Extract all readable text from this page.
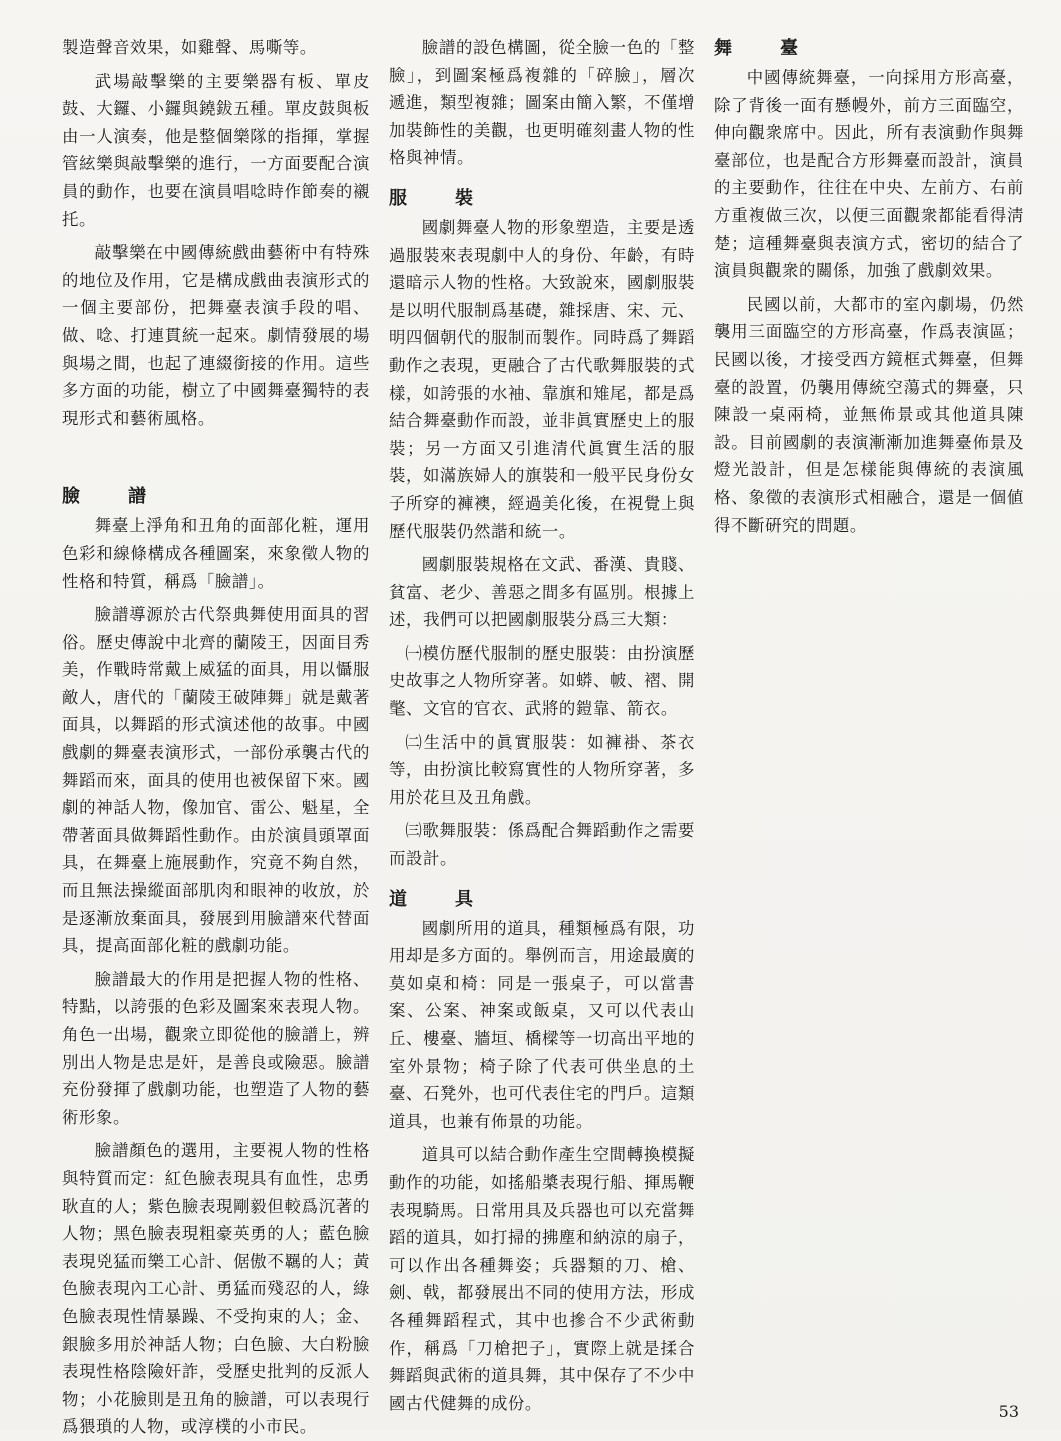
製造聲音效果，如雞聲、馬嘶等。

武場敲擊樂的主要樂器有板、單皮鼓、大鑼、小鑼與鐃鈸五種。單皮鼓與板由一人演奏，他是整個樂隊的指揮，掌握管絃樂與敲擊樂的進行，一方面要配合演員的動作，也要在演員唱唸時作節奏的襯托。

敲擊樂在中國傳統戲曲藝術中有特殊的地位及作用，它是構成戲曲表演形式的一個主要部份，把舞臺表演手段的唱、做、唸、打連貫統一起來。劇情發展的場與場之間，也起了連綴銜接的作用。這些多方面的功能，樹立了中國舞臺獨特的表現形式和藝術風格。

臉	譜

舞臺上淨角和丑角的面部化粧，運用色彩和線條構成各種圖案，來象徵人物的性格和特質，稱爲「臉譜」。

臉譜導源於古代祭典舞使用面具的習俗。歷史傳說中北齊的蘭陵王，因面目秀美，作戰時常戴上威猛的面具，用以懾服敵人，唐代的「蘭陵王破陣舞」就是戴著面具，以舞蹈的形式演述他的故事。中國戲劇的舞臺表演形式，一部份承襲古代的舞蹈而來，面具的使用也被保留下來。國劇的神話人物，像加官、雷公、魁星，全帶著面具做舞蹈性動作。由於演員頭罩面具，在舞臺上施展動作，究竟不夠自然，而且無法操縱面部肌肉和眼神的收放，於是逐漸放棄面具，發展到用臉譜來代替面具，提高面部化粧的戲劇功能。

臉譜最大的作用是把握人物的性格、特點，以誇張的色彩及圖案來表現人物。角色一出場，觀衆立即從他的臉譜上，辨別出人物是忠是奸，是善良或險惡。臉譜充份發揮了戲劇功能，也塑造了人物的藝術形象。

臉譜顏色的選用，主要視人物的性格與特質而定：紅色臉表現具有血性，忠勇耿直的人；紫色臉表現剛毅但較爲沉著的人物；黑色臉表現粗豪英勇的人；藍色臉表現兇猛而樂工心計、倨傲不羈的人；黃色臉表現內工心計、勇猛而殘忍的人，綠色臉表現性情暴躁、不受拘束的人；金、銀臉多用於神話人物；白色臉、大白粉臉表現性格陰險奸詐，受歷史批判的反派人物；小花臉則是丑角的臉譜，可以表現行爲猥瑣的人物，或淳樸的小市民。

臉譜的設色構圖，從全臉一色的「整臉」，到圖案極爲複雜的「碎臉」，層次遞進，類型複雜；圖案由簡入繁，不僅增加裝飾性的美觀，也更明確刻畫人物的性格與神情。

服	裝

國劇舞臺人物的形象塑造，主要是透過服裝來表現劇中人的身份、年齡，有時還暗示人物的性格。大致說來，國劇服裝是以明代服制爲基礎，雜採唐、宋、元、明四個朝代的服制而製作。同時爲了舞蹈動作之表現，更融合了古代歌舞服裝的式樣，如誇張的水袖、靠旗和雉尾，都是爲結合舞臺動作而設，並非眞實歷史上的服裝；另一方面又引進清代眞實生活的服裝，如滿族婦人的旗裝和一般平民身份女子所穿的褲襖，經過美化後，在視覺上與歷代服裝仍然諧和統一。

國劇服裝規格在文武、番漢、貴賤、貧富、老少、善惡之間多有區別。根據上述，我們可以把國劇服裝分爲三大類：

㈠模仿歷代服制的歷史服裝：由扮演歷史故事之人物所穿著。如蟒、帔、褶、開氅、文官的官衣、武將的鎧靠、箭衣。

㈡生活中的眞實服裝：如褲褂、茶衣等，由扮演比較寫實性的人物所穿著，多用於花旦及丑角戲。

㈢歌舞服裝：係爲配合舞蹈動作之需要而設計。

道	具

國劇所用的道具，種類極爲有限，功用却是多方面的。舉例而言，用途最廣的莫如桌和椅：同是一張桌子，可以當書案、公案、神案或飯桌，又可以代表山丘、樓臺、牆垣、橋樑等一切高出平地的室外景物；椅子除了代表可供坐息的土臺、石凳外，也可代表住宅的門戶。這類道具，也兼有佈景的功能。

道具可以結合動作產生空間轉換模擬動作的功能，如搖船槳表現行船、揮馬鞭表現騎馬。日常用具及兵器也可以充當舞蹈的道具，如打掃的拂塵和納涼的扇子，可以作出各種舞姿；兵器類的刀、槍、劍、戟，都發展出不同的使用方法，形成各種舞蹈程式，其中也摻合不少武術動作，稱爲「刀槍把子」，實際上就是揉合舞蹈與武術的道具舞，其中保存了不少中國古代健舞的成份。

舞	臺

中國傳統舞臺，一向採用方形高臺，除了背後一面有懸幔外，前方三面臨空，伸向觀衆席中。因此，所有表演動作與舞臺部位，也是配合方形舞臺而設計，演員的主要動作，往往在中央、左前方、右前方重複做三次，以便三面觀衆都能看得淸楚；這種舞臺與表演方式，密切的結合了演員與觀衆的關係，加強了戲劇效果。

民國以前，大都市的室內劇場，仍然襲用三面臨空的方形高臺，作爲表演區；民國以後，才接受西方鏡框式舞臺，但舞臺的設置，仍襲用傳統空蕩式的舞臺，只陳設一桌兩椅，並無佈景或其他道具陳設。目前國劇的表演漸漸加進舞臺佈景及燈光設計，但是怎樣能與傳統的表演風格、象徵的表演形式相融合，還是一個値得不斷硏究的問題。

53
